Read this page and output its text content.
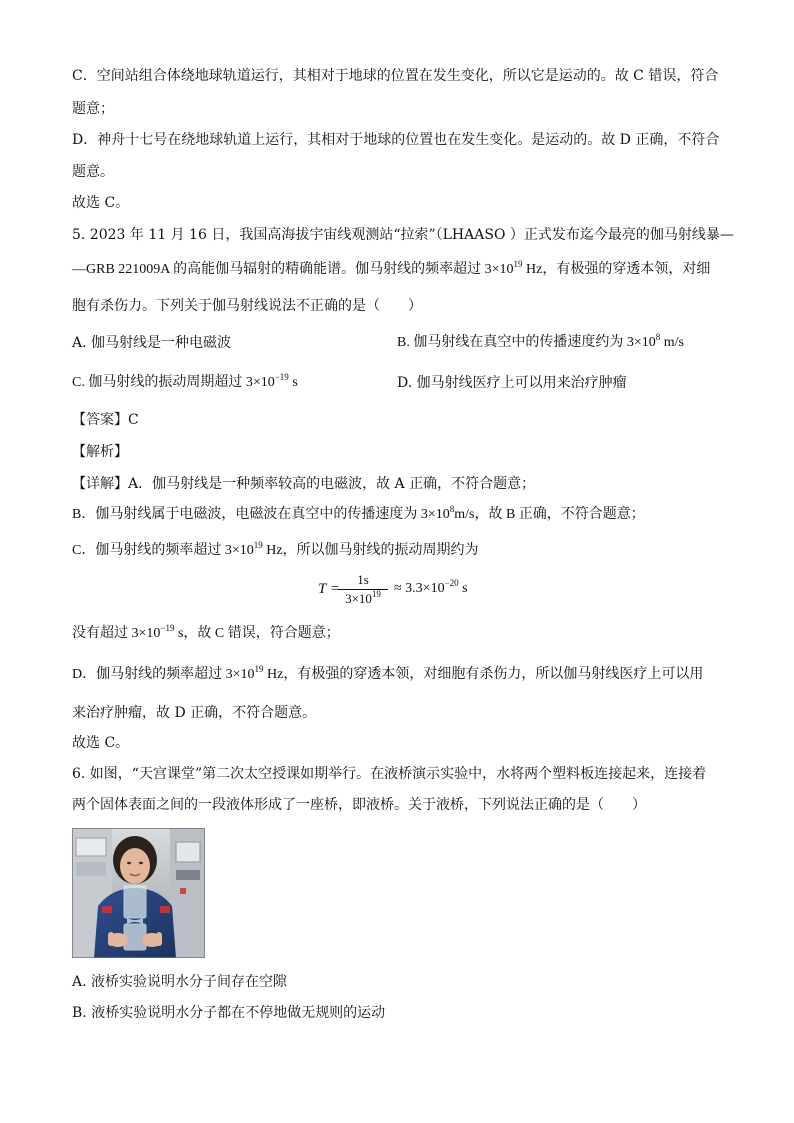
C．空间站组合体绕地球轨道运行，其相对于地球的位置在发生变化，所以它是运动的。故 C 错误，符合
题意；
D．神舟十七号在绕地球轨道上运行，其相对于地球的位置也在发生变化。是运动的。故 D 正确，不符合
题意。
故选 C。
5. 2023 年 11 月 16 日，我国高海拔宇宙线观测站“拉索”（LHAASO ）正式发布迄今最亮的伽马射线暴—
—GRB 221009A 的高能伽马辐射的精确能谱。伽马射线的频率超过 $3\times 10^{19}$ Hz，有极强的穿透本领，对细
胞有杀伤力。下列关于伽马射线说法不正确的是（　　）
A. 伽马射线是一种电磁波	B. 伽马射线在真空中的传播速度约为 $3\times 10^8$ m/s
C. 伽马射线的振动周期超过 $3\times 10^{-19}$ s	D. 伽马射线医疗上可以用来治疗肿瘤
【答案】C
【解析】
【详解】A．伽马射线是一种频率较高的电磁波，故 A 正确，不符合题意；
B．伽马射线属于电磁波，电磁波在真空中的传播速度为 $3\times 10^8m/s$，故 B 正确，不符合题意；
C．伽马射线的频率超过 $3\times 10^{19}$ Hz，所以伽马射线的振动周期约为
T =
1s
$3\times 10^{19} \approx 3.3\times 10^{-20}$ s
没有超过 $3\times 10^{-19}$ s，故 C 错误，符合题意；
D．伽马射线的频率超过 $3\times 10^{19}$ Hz，有极强的穿透本领，对细胞有杀伤力，所以伽马射线医疗上可以用
来治疗肿瘤，故 D 正确，不符合题意。
故选 C。
6. 如图，“天宫课堂”第二次太空授课如期举行。在液桥演示实验中，水将两个塑料板连接起来，连接着
两个固体表面之间的一段液体形成了一座桥，即液桥。关于液桥，下列说法正确的是（　　）
A. 液桥实验说明水分子间存在空隙
B. 液桥实验说明水分子都在不停地做无规则的运动
